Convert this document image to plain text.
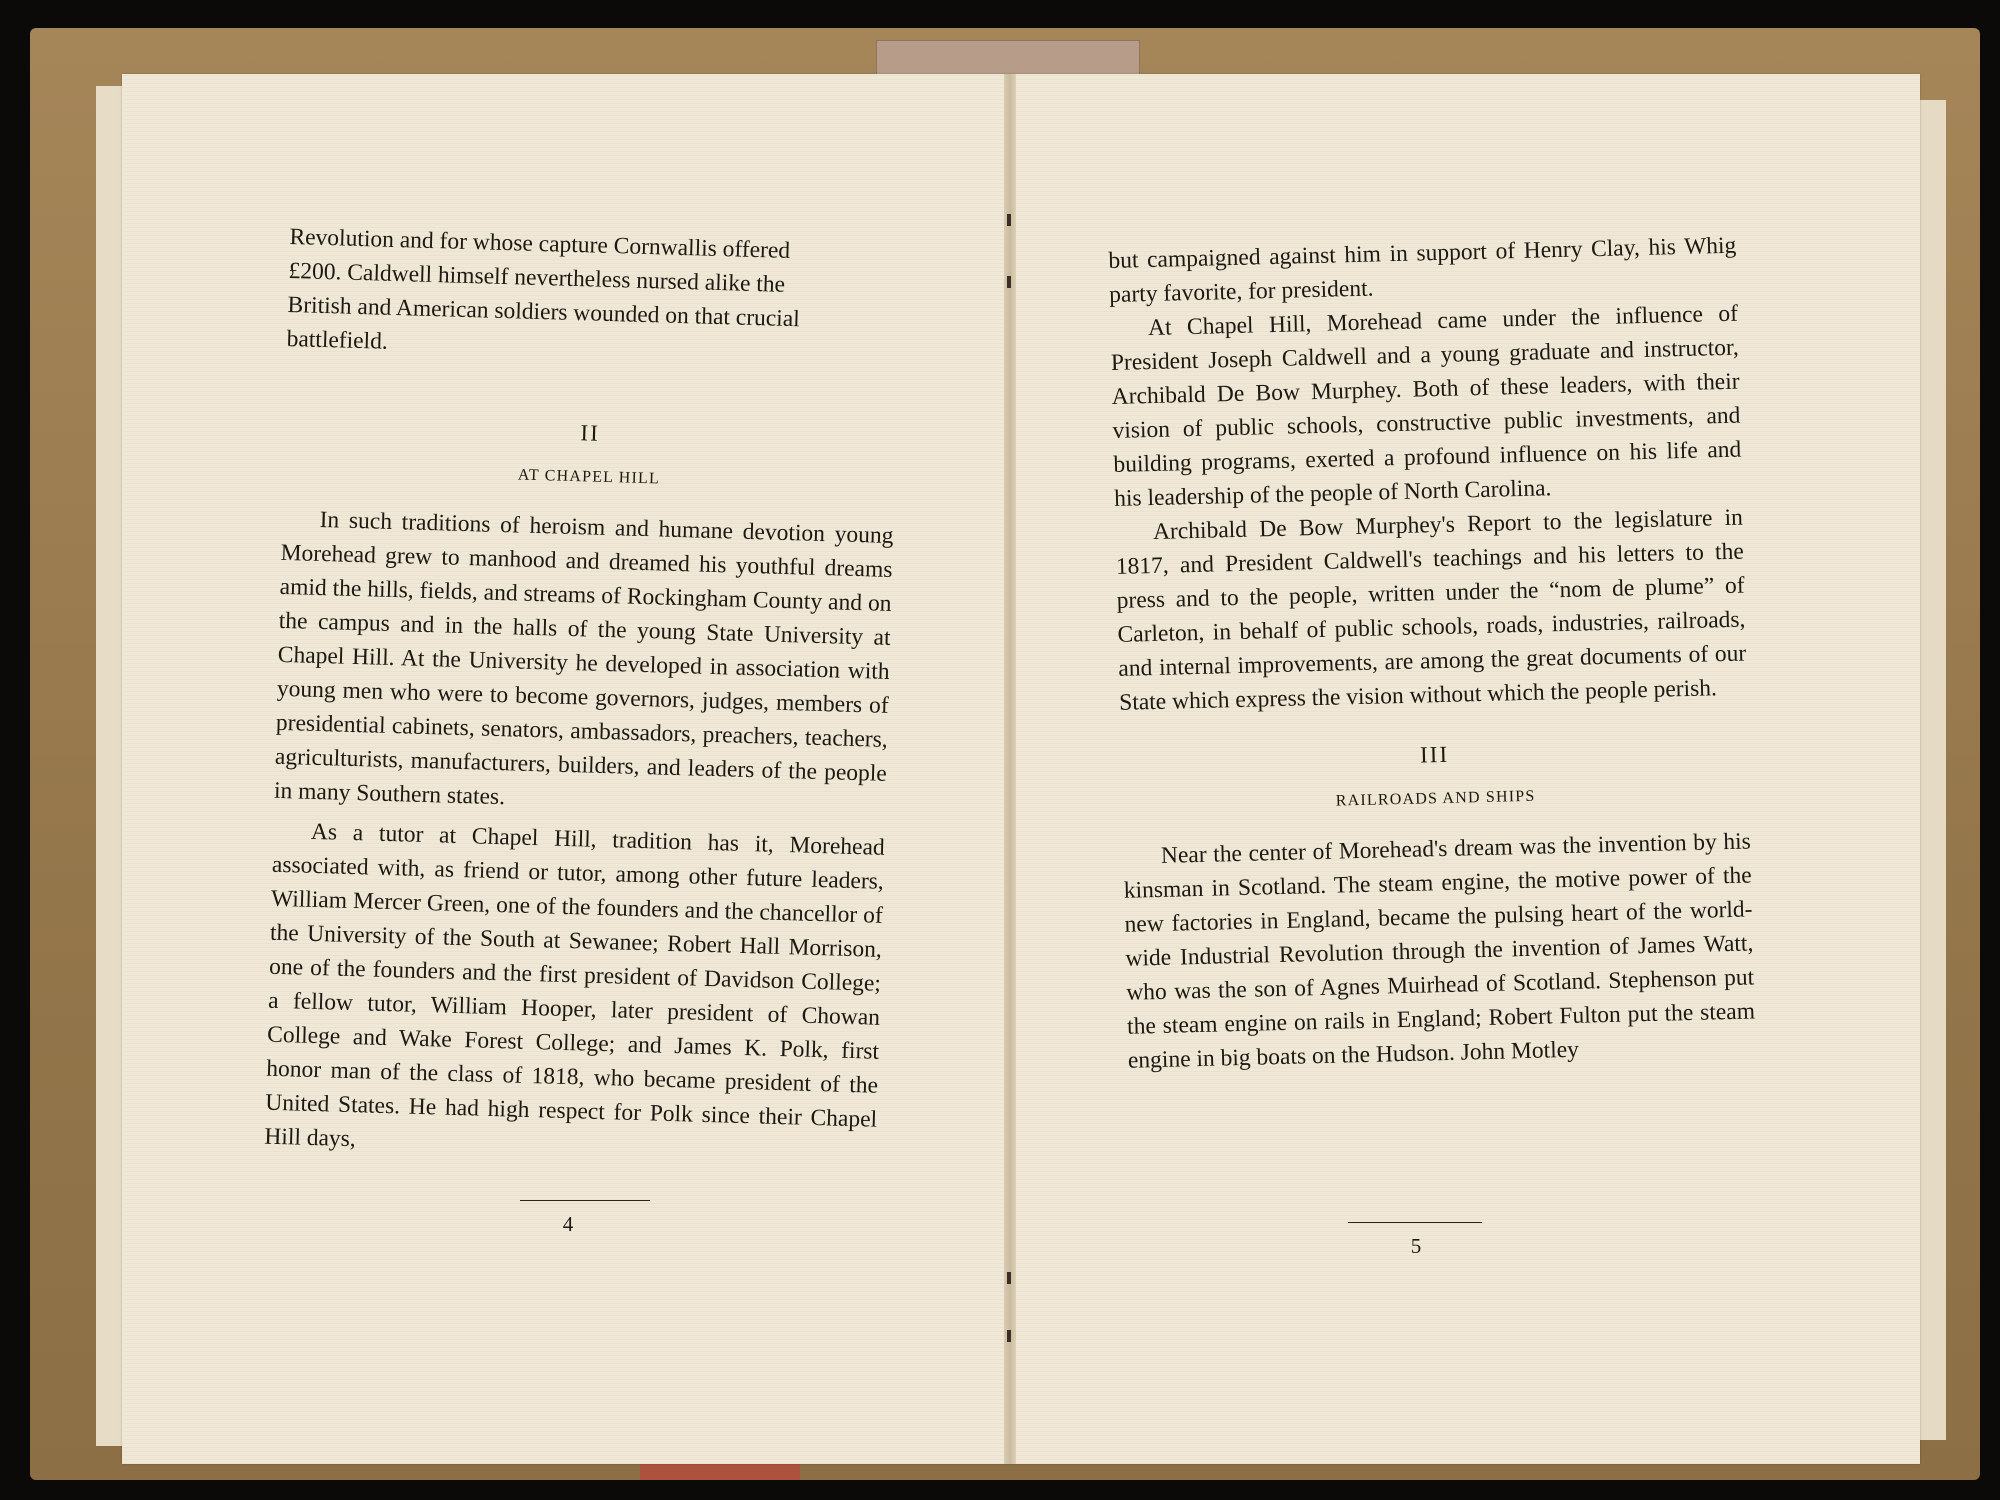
Revolution and for whose capture Cornwallis offered
£200. Caldwell himself nevertheless nursed alike the
British and American soldiers wounded on that crucial
battlefield.
II
AT CHAPEL HILL

In such traditions of heroism and humane devotion young Morehead grew to manhood and dreamed his youthful dreams amid the hills, fields, and streams of Rockingham County and on the campus and in the halls of the young State University at Chapel Hill. At the University he developed in association with young men who were to become governors, judges, members of presidential cabinets, senators, ambassadors, preachers, teachers, agriculturists, manufacturers, builders, and leaders of the people in many Southern states.

As a tutor at Chapel Hill, tradition has it, Morehead associated with, as friend or tutor, among other future leaders, William Mercer Green, one of the founders and the chancellor of the University of the South at Sewanee; Robert Hall Morrison, one of the founders and the first president of Davidson College; a fellow tutor, William Hooper, later president of Chowan College and Wake Forest College; and James K. Polk, first honor man of the class of 1818, who became president of the United States. He had high respect for Polk since their Chapel Hill days,

4

but campaigned against him in support of Henry Clay, his Whig party favorite, for president.

At Chapel Hill, Morehead came under the influence of President Joseph Caldwell and a young graduate and instructor, Archibald De Bow Murphey. Both of these leaders, with their vision of public schools, constructive public investments, and building programs, exerted a profound influence on his life and his leadership of the people of North Carolina.

Archibald De Bow Murphey's Report to the legislature in 1817, and President Caldwell's teachings and his letters to the press and to the people, written under the “nom de plume” of Carleton, in behalf of public schools, roads, industries, railroads, and internal improvements, are among the great documents of our State which express the vision without which the people perish.

III
RAILROADS AND SHIPS

Near the center of Morehead's dream was the invention by his kinsman in Scotland. The steam engine, the motive power of the new factories in England, became the pulsing heart of the world-wide Industrial Revolution through the invention of James Watt, who was the son of Agnes Muirhead of Scotland. Stephenson put the steam engine on rails in England; Robert Fulton put the steam engine in big boats on the Hudson. John Motley

5
